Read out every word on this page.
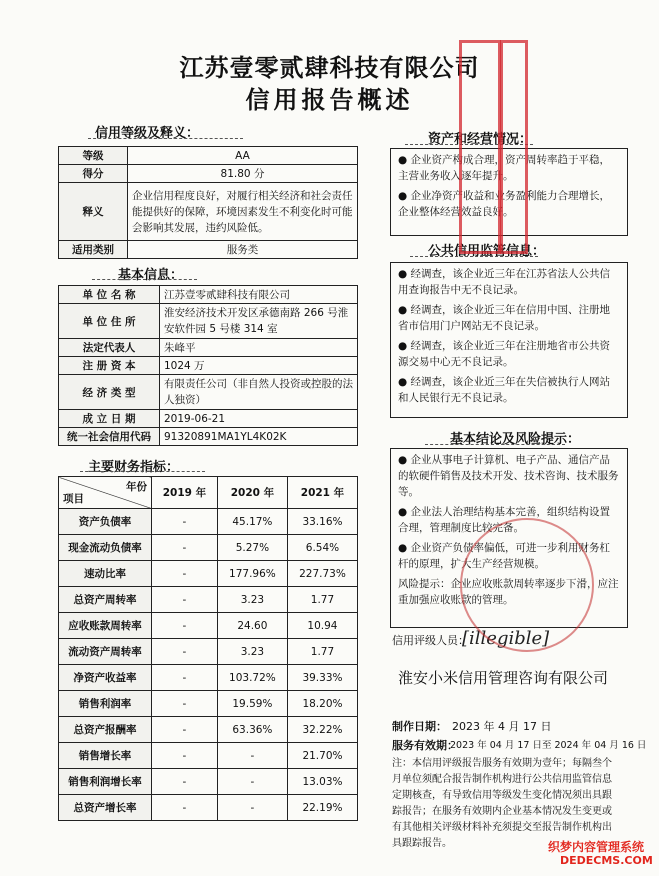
江苏壹零贰肆科技有限公司
信用报告概述
信用等级及释义：
等级	AA
得分	81.80 分
释义	企业信用程度良好，对履行相关经济和社会责任能提供好的保障，环境因素发生不利变化时可能会影响其发展，违约风险低。
适用类别	服务类
基本信息：
单 位 名 称	江苏壹零贰肆科技有限公司
单 位 住 所	淮安经济技术开发区承德南路 266 号淮安软件园 5 号楼 314 室
法定代表人	朱峰平
注 册 资 本	1024 万
经 济 类 型	有限责任公司（非自然人投资或控股的法人独资）
成 立 日 期	2019-06-21
统一社会信用代码	91320891MA1YL4K02K
主要财务指标：
年份
项目	2019 年	2020 年	2021 年
资产负债率	-	45.17%	33.16%
现金流动负债率	-	5.27%	6.54%
速动比率	-	177.96%	227.73%
总资产周转率	-	3.23	1.77
应收账款周转率	-	24.60	10.94
流动资产周转率	-	3.23	1.77
净资产收益率	-	103.72%	39.33%
销售利润率	-	19.59%	18.20%
总资产报酬率	-	63.36%	32.22%
销售增长率	-	-	21.70%
销售利润增长率	-	-	13.03%
总资产增长率	-	-	22.19%
资产和经营情况：

● 企业资产构成合理，资产周转率趋于平稳，主营业务收入逐年提升。

● 企业净资产收益和业务盈利能力合理增长，企业整体经营效益良好。

公共信用监管信息：

● 经调查，该企业近三年在江苏省法人公共信用查询报告中无不良记录。

● 经调查，该企业近三年在信用中国、注册地省市信用门户网站无不良记录。

● 经调查，该企业近三年在注册地省市公共资源交易中心无不良记录。

● 经调查，该企业近三年在失信被执行人网站和人民银行无不良记录。

基本结论及风险提示：

● 企业从事电子计算机、电子产品、通信产品的软硬件销售及技术开发、技术咨询、技术服务等。

● 企业法人治理结构基本完善，组织结构设置合理，管理制度比较完备。

● 企业资产负债率偏低，可进一步利用财务杠杆的原理，扩大生产经营规模。

风险提示：企业应收账款周转率逐步下滑，应注重加强应收账款的管理。

信用评级人员：
[illegible]
淮安小米信用管理咨询有限公司
制作日期： 2023 年 4 月 17 日
服务有效期：
2023 年 04 月 17 日至 2024 年 04 月 16 日
注：本信用评级报告服务有效期为壹年；每隔叁个月单位须配合报告制作机构进行公共信用监管信息定期核查，有导致信用等级发生变化情况须出具跟踪报告；在服务有效期内企业基本情况发生变更或有其他相关评级材料补充须提交至报告制作机构出具跟踪报告。	织梦内容管理系统
DEDECMS.COM
